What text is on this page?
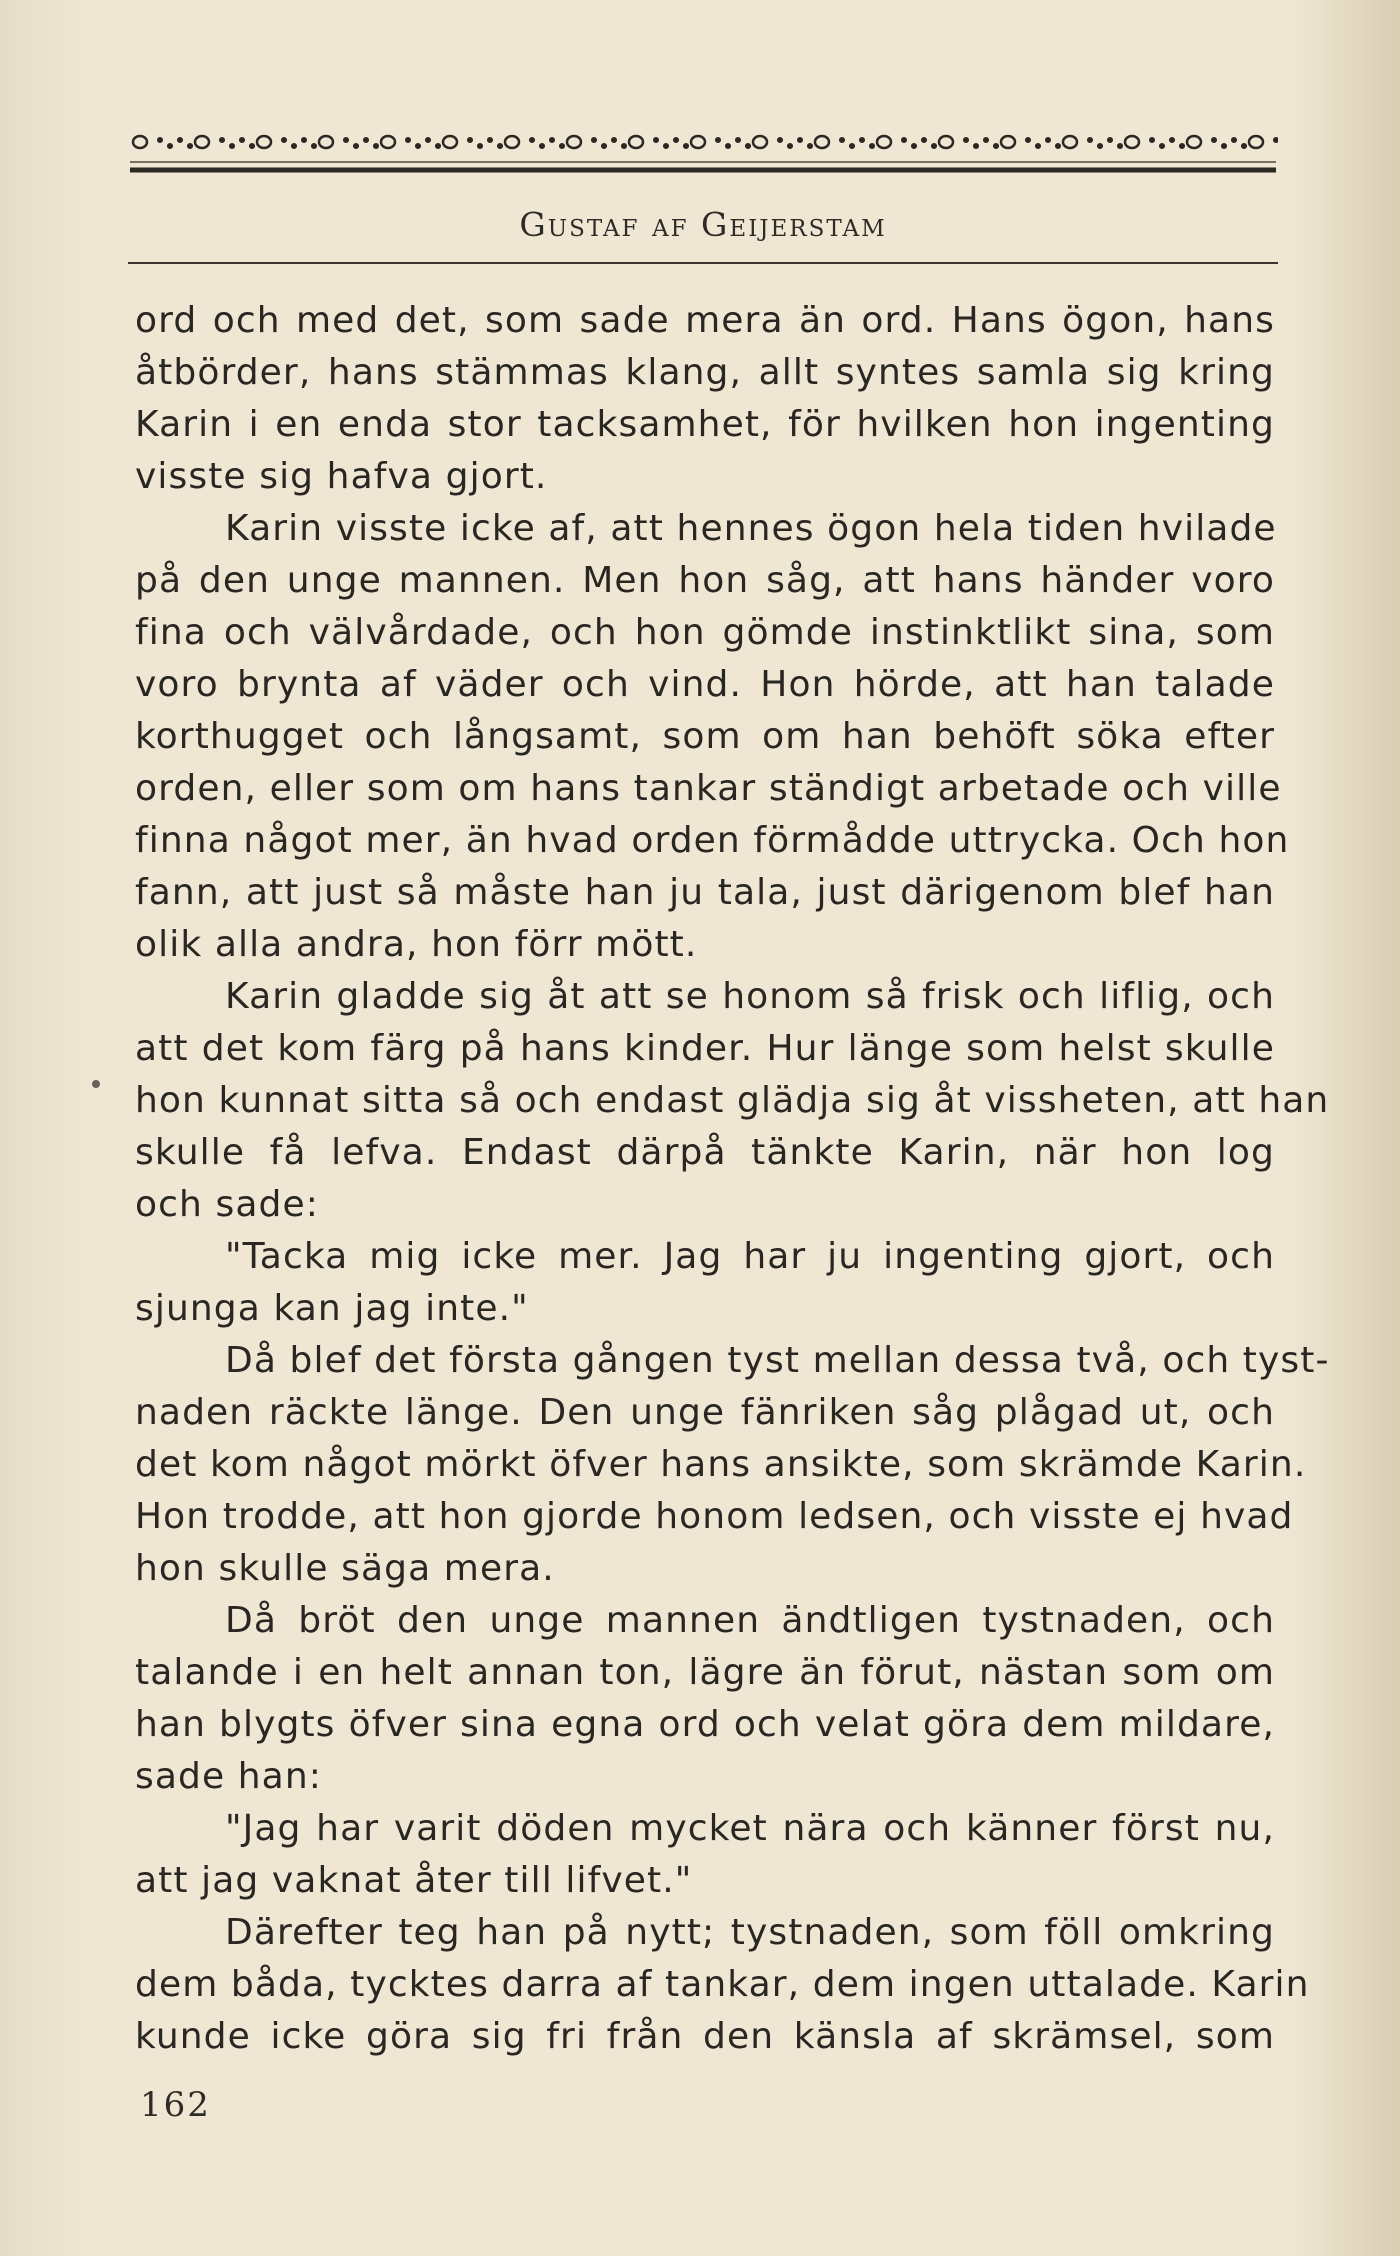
Gustaf af Geijerstam
ord och med det, som sade mera än ord. Hans ögon, hans
åtbörder, hans stämmas klang, allt syntes samla sig kring
Karin i en enda stor tacksamhet, för hvilken hon ingenting
visste sig hafva gjort.
Karin visste icke af, att hennes ögon hela tiden hvilade
på den unge mannen. Men hon såg, att hans händer voro
fina och välvårdade, och hon gömde instinktlikt sina, som
voro brynta af väder och vind. Hon hörde, att han talade
korthugget och långsamt, som om han behöft söka efter
orden, eller som om hans tankar ständigt arbetade och ville
finna något mer, än hvad orden förmådde uttrycka. Och hon
fann, att just så måste han ju tala, just därigenom blef han
olik alla andra, hon förr mött.
Karin gladde sig åt att se honom så frisk och liflig, och
att det kom färg på hans kinder. Hur länge som helst skulle
hon kunnat sitta så och endast glädja sig åt vissheten, att han
skulle få lefva. Endast därpå tänkte Karin, när hon log
och sade:
"Tacka mig icke mer. Jag har ju ingenting gjort, och
sjunga kan jag inte."
Då blef det första gången tyst mellan dessa två, och tyst-
naden räckte länge. Den unge fänriken såg plågad ut, och
det kom något mörkt öfver hans ansikte, som skrämde Karin.
Hon trodde, att hon gjorde honom ledsen, och visste ej hvad
hon skulle säga mera.
Då bröt den unge mannen ändtligen tystnaden, och
talande i en helt annan ton, lägre än förut, nästan som om
han blygts öfver sina egna ord och velat göra dem mildare,
sade han:
"Jag har varit döden mycket nära och känner först nu,
att jag vaknat åter till lifvet."
Därefter teg han på nytt; tystnaden, som föll omkring
dem båda, tycktes darra af tankar, dem ingen uttalade. Karin
kunde icke göra sig fri från den känsla af skrämsel, som
162
